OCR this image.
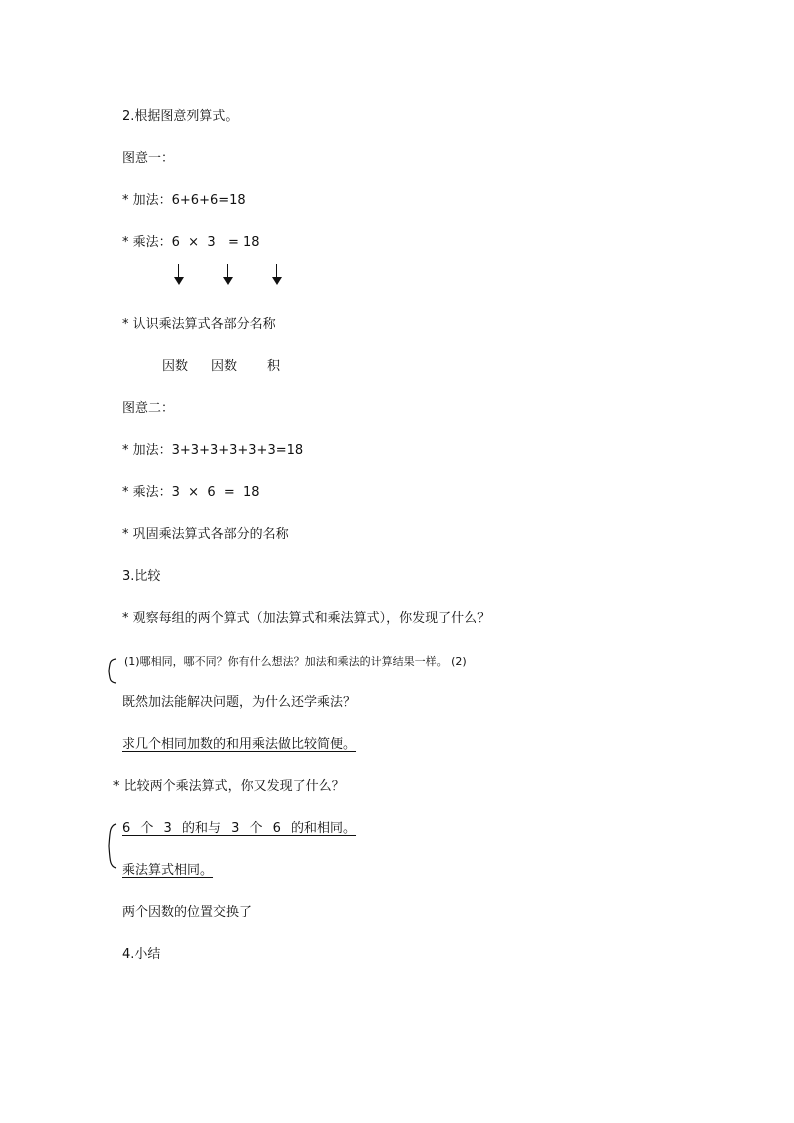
2.根据图意列算式。
图意一：
* 加法：6+6+6=18
* 乘法：6  ×  3   = 18
* 认识乘法算式各部分名称
因数 因数 积
图意二：
* 加法：3+3+3+3+3+3=18
* 乘法：3  ×  6  =  18
* 巩固乘法算式各部分的名称
3.比较
* 观察每组的两个算式（加法算式和乘法算式），你发现了什么？
(1)哪相同，哪不同？你有什么想法？加法和乘法的计算结果一样。 (2)
既然加法能解决问题，为什么还学乘法？
求几个相同加数的和用乘法做比较简便。
* 比较两个乘法算式，你又发现了什么？
6 个 3 的和与 3 个 6 的和相同。
乘法算式相同。
两个因数的位置交换了
4.小结
